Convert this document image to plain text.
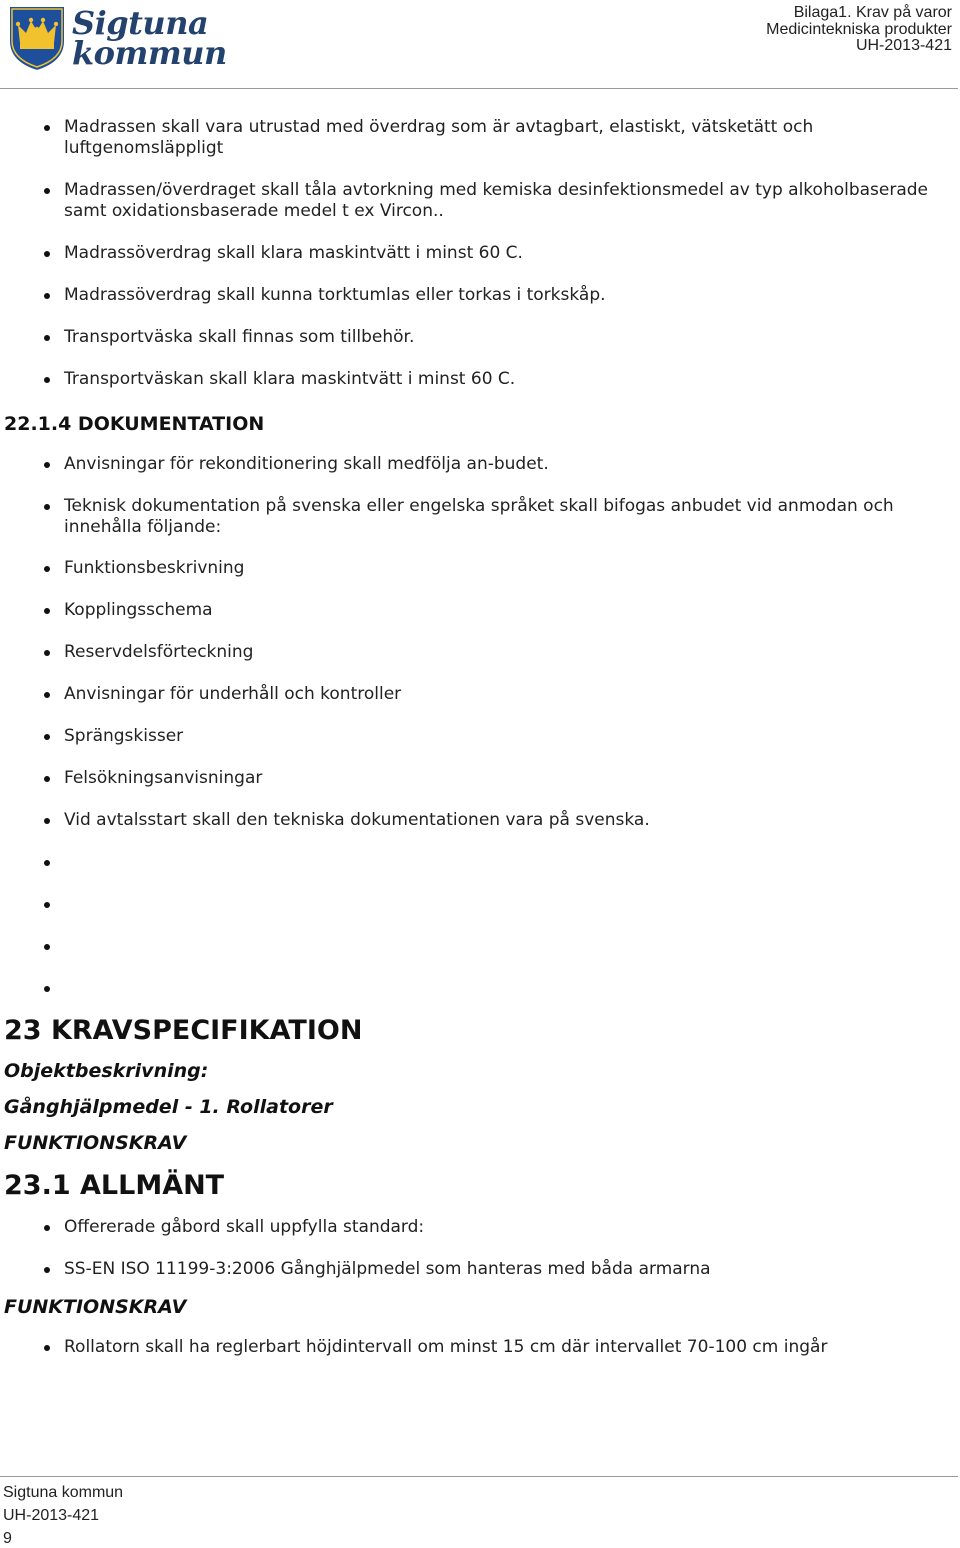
Sigtuna
kommun
Bilaga1. Krav på varor
Medicintekniska produkter
UH-2013-421
Madrassen skall vara utrustad med överdrag som är avtagbart, elastiskt, vätsketätt och luftgenomsläppligt
Madrassen/överdraget skall tåla avtorkning med kemiska desinfektionsmedel av typ alkoholbaserade samt oxidationsbaserade medel t ex Vircon..
Madrassöverdrag skall klara maskintvätt i minst 60 C.
Madrassöverdrag skall kunna torktumlas eller torkas i torkskåp.
Transportväska skall finnas som tillbehör.
Transportväskan skall klara maskintvätt i minst 60 C.
22.1.4 DOKUMENTATION
Anvisningar för rekonditionering skall medfölja an-budet.
Teknisk dokumentation på svenska eller engelska språket skall bifogas anbudet vid anmodan och innehålla följande:
Funktionsbeskrivning
Kopplingsschema
Reservdelsförteckning
Anvisningar för underhåll och kontroller
Sprängskisser
Felsökningsanvisningar
Vid avtalsstart skall den tekniska dokumentationen vara på svenska.
23 KRAVSPECIFIKATION
Objektbeskrivning:
Gånghjälpmedel - 1. Rollatorer
FUNKTIONSKRAV
23.1 ALLMÄNT
Offererade gåbord skall uppfylla standard:
SS-EN ISO 11199-3:2006 Gånghjälpmedel som hanteras med båda armarna
FUNKTIONSKRAV
Rollatorn skall ha reglerbart höjdintervall om minst 15 cm där intervallet 70-100 cm ingår
Sigtuna kommun
UH-2013-421
9
